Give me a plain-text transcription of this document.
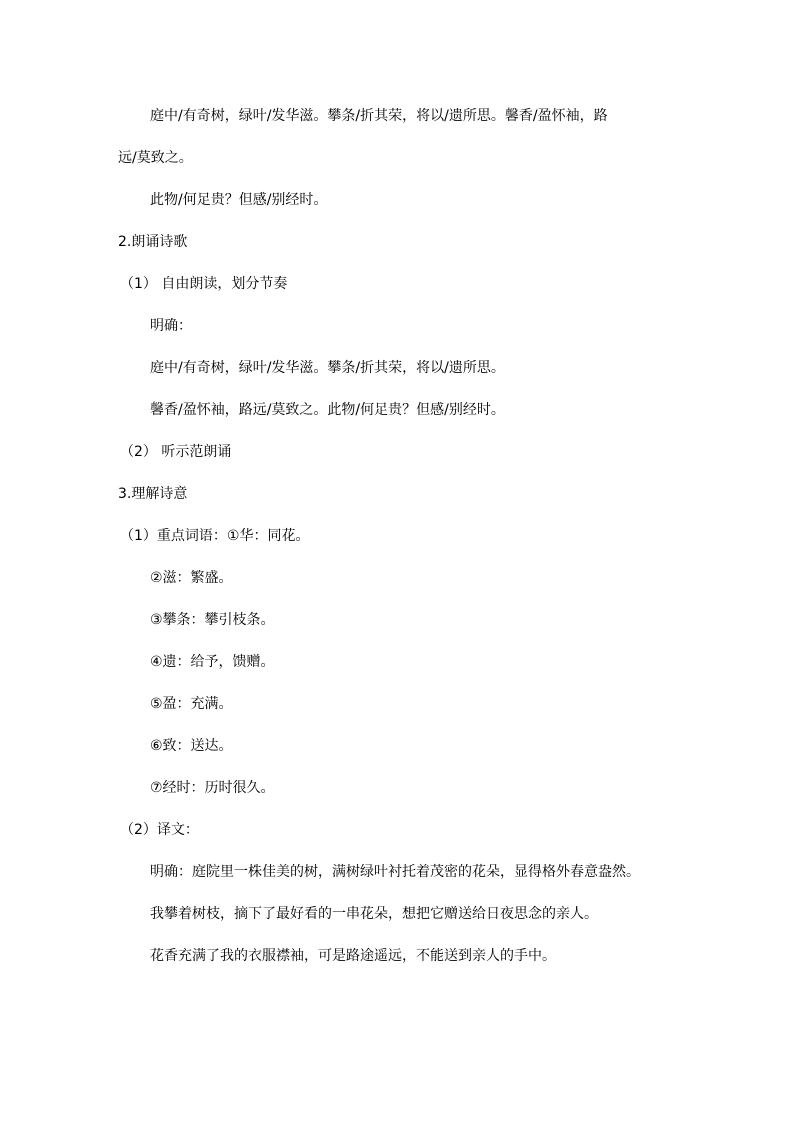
庭中/有奇树，绿叶/发华滋。攀条/折其荣，将以/遗所思。馨香/盈怀袖，路
远/莫致之。
此物/何足贵？但感/别经时。
2.朗诵诗歌
（1） 自由朗读，划分节奏
明确：
庭中/有奇树，绿叶/发华滋。攀条/折其荣，将以/遗所思。
馨香/盈怀袖，路远/莫致之。此物/何足贵？但感/别经时。
（2） 听示范朗诵
3.理解诗意
（1）重点词语：①华：同花。
②滋：繁盛。
③攀条：攀引枝条。
④遗：给予，馈赠。
⑤盈：充满。
⑥致：送达。
⑦经时：历时很久。
（2）译文：
明确：庭院里一株佳美的树，满树绿叶衬托着茂密的花朵，显得格外春意盎然。
我攀着树枝，摘下了最好看的一串花朵，想把它赠送给日夜思念的亲人。
花香充满了我的衣服襟袖，可是路途遥远，不能送到亲人的手中。
